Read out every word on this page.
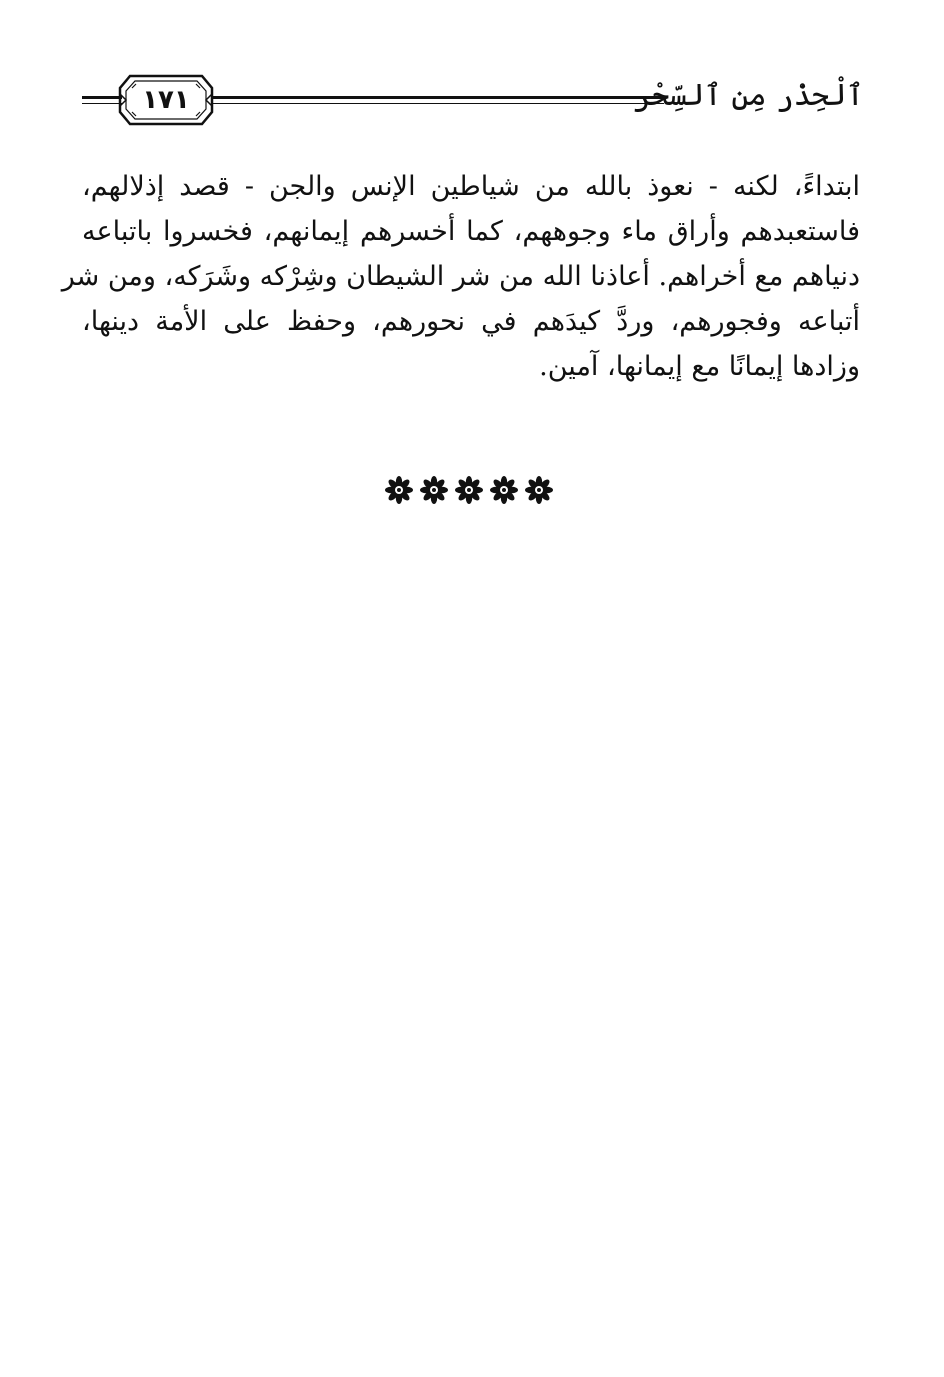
١٧١	ٱلْحِذْر مِن ٱلسِّحْر
ابتداءً، لكنه - نعوذ بالله من شياطين الإنس والجن - قصد إذلالهم،
فاستعبدهم وأراق ماء وجوههم، كما أخسرهم إيمانهم، فخسروا باتباعه
دنياهم مع أخراهم. أعاذنا الله من شر الشيطان وشِرْكه وشَرَكه، ومن شر
أتباعه وفجورهم، وردَّ كيدَهم في نحورهم، وحفظ على الأمة دينها،
وزادها إيمانًا مع إيمانها، آمين.
